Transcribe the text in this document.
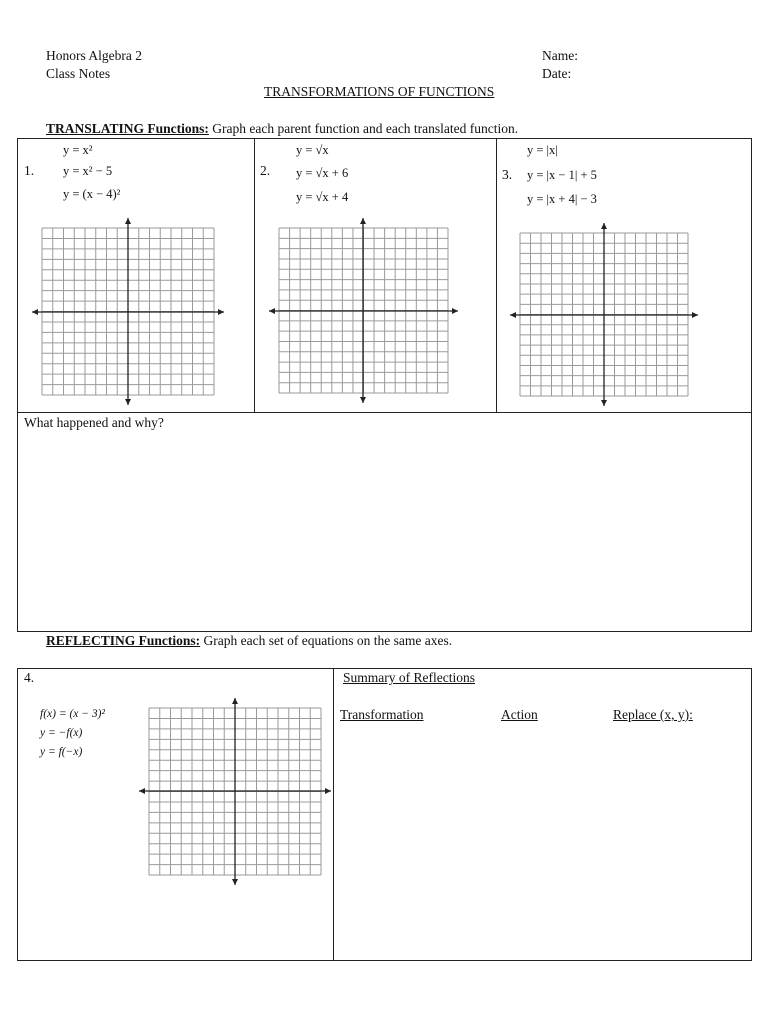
Honors Algebra 2
Class Notes
Name:
Date:
TRANSFORMATIONS OF FUNCTIONS
TRANSLATING Functions: Graph each parent function and each translated function.
1.
y = x²
y = x² − 5
y = (x − 4)²
2.
y = √x
y = √x + 6
y = √x + 4
y = |x|
3. y = |x − 1| + 5
y = |x + 4| − 3
What happened and why?
REFLECTING Functions: Graph each set of equations on the same axes.
4.
f(x) = (x − 3)²
y = −f(x)
y = f(−x)
Summary of Reflections
Transformation	Action	Replace (x, y):
